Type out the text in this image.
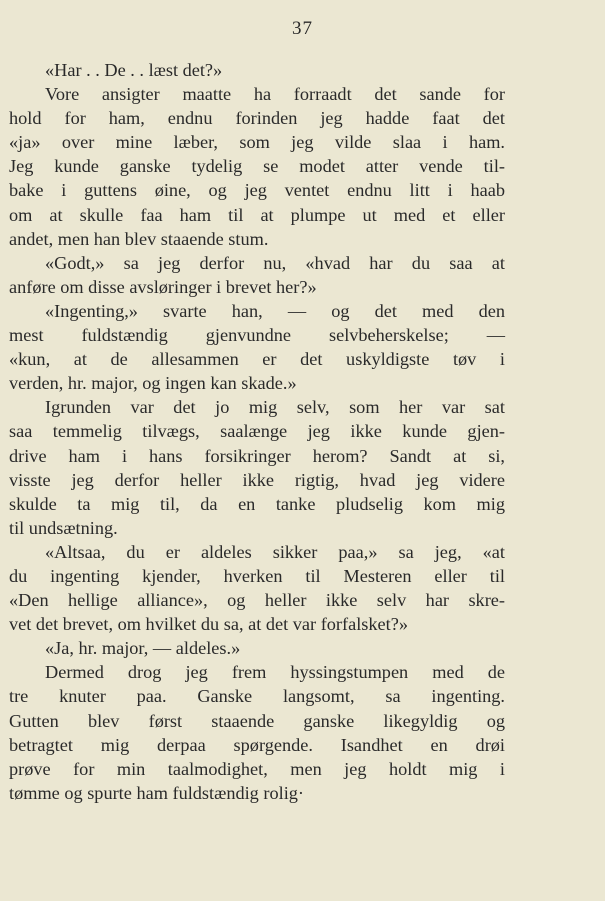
37
«Har . . De . . læst det?»
Vore ansigter maatte ha forraadt det sande for
hold for ham, endnu forinden jeg hadde faat det
«ja» over mine læber, som jeg vilde slaa i ham.
Jeg kunde ganske tydelig se modet atter vende til-
bake i guttens øine, og jeg ventet endnu litt i haab
om at skulle faa ham til at plumpe ut med et eller
andet, men han blev staaende stum.
«Godt,» sa jeg derfor nu, «hvad har du saa at
anføre om disse avsløringer i brevet her?»
«Ingenting,» svarte han, — og det med den
mest fuldstændig gjenvundne selvbeherskelse; —
«kun, at de allesammen er det uskyldigste tøv i
verden, hr. major, og ingen kan skade.»
Igrunden var det jo mig selv, som her var sat
saa temmelig tilvægs, saalænge jeg ikke kunde gjen-
drive ham i hans forsikringer herom? Sandt at si,
visste jeg derfor heller ikke rigtig, hvad jeg videre
skulde ta mig til, da en tanke pludselig kom mig
til undsætning.
«Altsaa, du er aldeles sikker paa,» sa jeg, «at
du ingenting kjender, hverken til Mesteren eller til
«Den hellige alliance», og heller ikke selv har skre-
vet det brevet, om hvilket du sa, at det var forfalsket?»
«Ja, hr. major, — aldeles.»
Dermed drog jeg frem hyssingstumpen med de
tre knuter paa. Ganske langsomt, sa ingenting.
Gutten blev først staaende ganske likegyldig og
betragtet mig derpaa spørgende. Isandhet en drøi
prøve for min taalmodighet, men jeg holdt mig i
tømme og spurte ham fuldstændig rolig·
